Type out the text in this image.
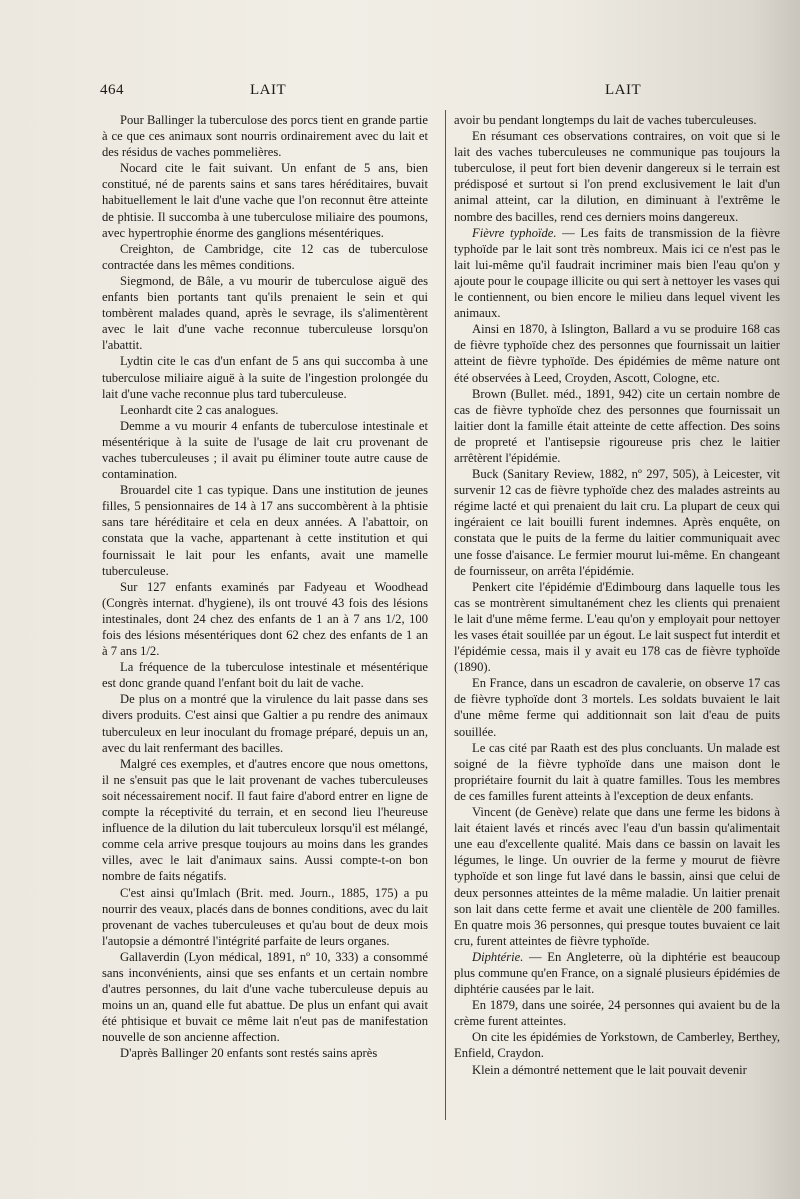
464	LAIT	LAIT

Pour Ballinger la tuberculose des porcs tient en grande partie à ce que ces animaux sont nourris ordinairement avec du lait et des résidus de vaches pommelières.

Nocard cite le fait suivant. Un enfant de 5 ans, bien constitué, né de parents sains et sans tares héréditaires, buvait habituellement le lait d'une vache que l'on reconnut être atteinte de phtisie. Il succomba à une tuberculose miliaire des poumons, avec hypertrophie énorme des ganglions mésentériques.

Creighton, de Cambridge, cite 12 cas de tuberculose contractée dans les mêmes conditions.

Siegmond, de Bâle, a vu mourir de tuberculose aiguë des enfants bien portants tant qu'ils prenaient le sein et qui tombèrent malades quand, après le sevrage, ils s'alimentèrent avec le lait d'une vache reconnue tuberculeuse lorsqu'on l'abattit.

Lydtin cite le cas d'un enfant de 5 ans qui succomba à une tuberculose miliaire aiguë à la suite de l'ingestion prolongée du lait d'une vache reconnue plus tard tuberculeuse.

Leonhardt cite 2 cas analogues.

Demme a vu mourir 4 enfants de tuberculose intestinale et mésentérique à la suite de l'usage de lait cru provenant de vaches tuberculeuses ; il avait pu éliminer toute autre cause de contamination.

Brouardel cite 1 cas typique. Dans une institution de jeunes filles, 5 pensionnaires de 14 à 17 ans succombèrent à la phtisie sans tare héréditaire et cela en deux années. A l'abattoir, on constata que la vache, appartenant à cette institution et qui fournissait le lait pour les enfants, avait une mamelle tuberculeuse.

Sur 127 enfants examinés par Fadyeau et Woodhead (Congrès internat. d'hygiene), ils ont trouvé 43 fois des lésions intestinales, dont 24 chez des enfants de 1 an à 7 ans 1/2, 100 fois des lésions mésentériques dont 62 chez des enfants de 1 an à 7 ans 1/2.

La fréquence de la tuberculose intestinale et mésentérique est donc grande quand l'enfant boit du lait de vache.

De plus on a montré que la virulence du lait passe dans ses divers produits. C'est ainsi que Galtier a pu rendre des animaux tuberculeux en leur inoculant du fromage préparé, depuis un an, avec du lait renfermant des bacilles.

Malgré ces exemples, et d'autres encore que nous omettons, il ne s'ensuit pas que le lait provenant de vaches tuberculeuses soit nécessairement nocif. Il faut faire d'abord entrer en ligne de compte la réceptivité du terrain, et en second lieu l'heureuse influence de la dilution du lait tuberculeux lorsqu'il est mélangé, comme cela arrive presque toujours au moins dans les grandes villes, avec le lait d'animaux sains. Aussi compte-t-on bon nombre de faits négatifs.

C'est ainsi qu'Imlach (Brit. med. Journ., 1885, 175) a pu nourrir des veaux, placés dans de bonnes conditions, avec du lait provenant de vaches tuberculeuses et qu'au bout de deux mois l'autopsie a démontré l'intégrité parfaite de leurs organes.

Gallaverdin (Lyon médical, 1891, nº 10, 333) a consommé sans inconvénients, ainsi que ses enfants et un certain nombre d'autres personnes, du lait d'une vache tuberculeuse depuis au moins un an, quand elle fut abattue. De plus un enfant qui avait été phtisique et buvait ce même lait n'eut pas de manifestation nouvelle de son ancienne affection.

D'après Ballinger 20 enfants sont restés sains après

avoir bu pendant longtemps du lait de vaches tuberculeuses.

En résumant ces observations contraires, on voit que si le lait des vaches tuberculeuses ne communique pas toujours la tuberculose, il peut fort bien devenir dangereux si le terrain est prédisposé et surtout si l'on prend exclusivement le lait d'un animal atteint, car la dilution, en diminuant à l'extrême le nombre des bacilles, rend ces derniers moins dangereux.

Fièvre typhoïde. — Les faits de transmission de la fièvre typhoïde par le lait sont très nombreux. Mais ici ce n'est pas le lait lui-même qu'il faudrait incriminer mais bien l'eau qu'on y ajoute pour le coupage illicite ou qui sert à nettoyer les vases qui le contiennent, ou bien encore le milieu dans lequel vivent les animaux.

Ainsi en 1870, à Islington, Ballard a vu se produire 168 cas de fièvre typhoïde chez des personnes que fournissait un laitier atteint de fièvre typhoïde. Des épidémies de même nature ont été observées à Leed, Croyden, Ascott, Cologne, etc.

Brown (Bullet. méd., 1891, 942) cite un certain nombre de cas de fièvre typhoïde chez des personnes que fournissait un laitier dont la famille était atteinte de cette affection. Des soins de propreté et l'antisepsie rigoureuse pris chez le laitier arrêtèrent l'épidémie.

Buck (Sanitary Review, 1882, nº 297, 505), à Leicester, vit survenir 12 cas de fièvre typhoïde chez des malades astreints au régime lacté et qui prenaient du lait cru. La plupart de ceux qui ingéraient ce lait bouilli furent indemnes. Après enquête, on constata que le puits de la ferme du laitier communiquait avec une fosse d'aisance. Le fermier mourut lui-même. En changeant de fournisseur, on arrêta l'épidémie.

Penkert cite l'épidémie d'Edimbourg dans laquelle tous les cas se montrèrent simultanément chez les clients qui prenaient le lait d'une même ferme. L'eau qu'on y employait pour nettoyer les vases était souillée par un égout. Le lait suspect fut interdit et l'épidémie cessa, mais il y avait eu 178 cas de fièvre typhoïde (1890).

En France, dans un escadron de cavalerie, on observe 17 cas de fièvre typhoïde dont 3 mortels. Les soldats buvaient le lait d'une même ferme qui additionnait son lait d'eau de puits souillée.

Le cas cité par Raath est des plus concluants. Un malade est soigné de la fièvre typhoïde dans une maison dont le propriétaire fournit du lait à quatre familles. Tous les membres de ces familles furent atteints à l'exception de deux enfants.

Vincent (de Genève) relate que dans une ferme les bidons à lait étaient lavés et rincés avec l'eau d'un bassin qu'alimentait une eau d'excellente qualité. Mais dans ce bassin on lavait les légumes, le linge. Un ouvrier de la ferme y mourut de fièvre typhoïde et son linge fut lavé dans le bassin, ainsi que celui de deux personnes atteintes de la même maladie. Un laitier prenait son lait dans cette ferme et avait une clientèle de 200 familles. En quatre mois 36 personnes, qui presque toutes buvaient ce lait cru, furent atteintes de fièvre typhoïde.

Diphtérie. — En Angleterre, où la diphtérie est beaucoup plus commune qu'en France, on a signalé plusieurs épidémies de diphtérie causées par le lait.

En 1879, dans une soirée, 24 personnes qui avaient bu de la crème furent atteintes.

On cite les épidémies de Yorkstown, de Camberley, Berthey, Enfield, Craydon.

Klein a démontré nettement que le lait pouvait devenir
